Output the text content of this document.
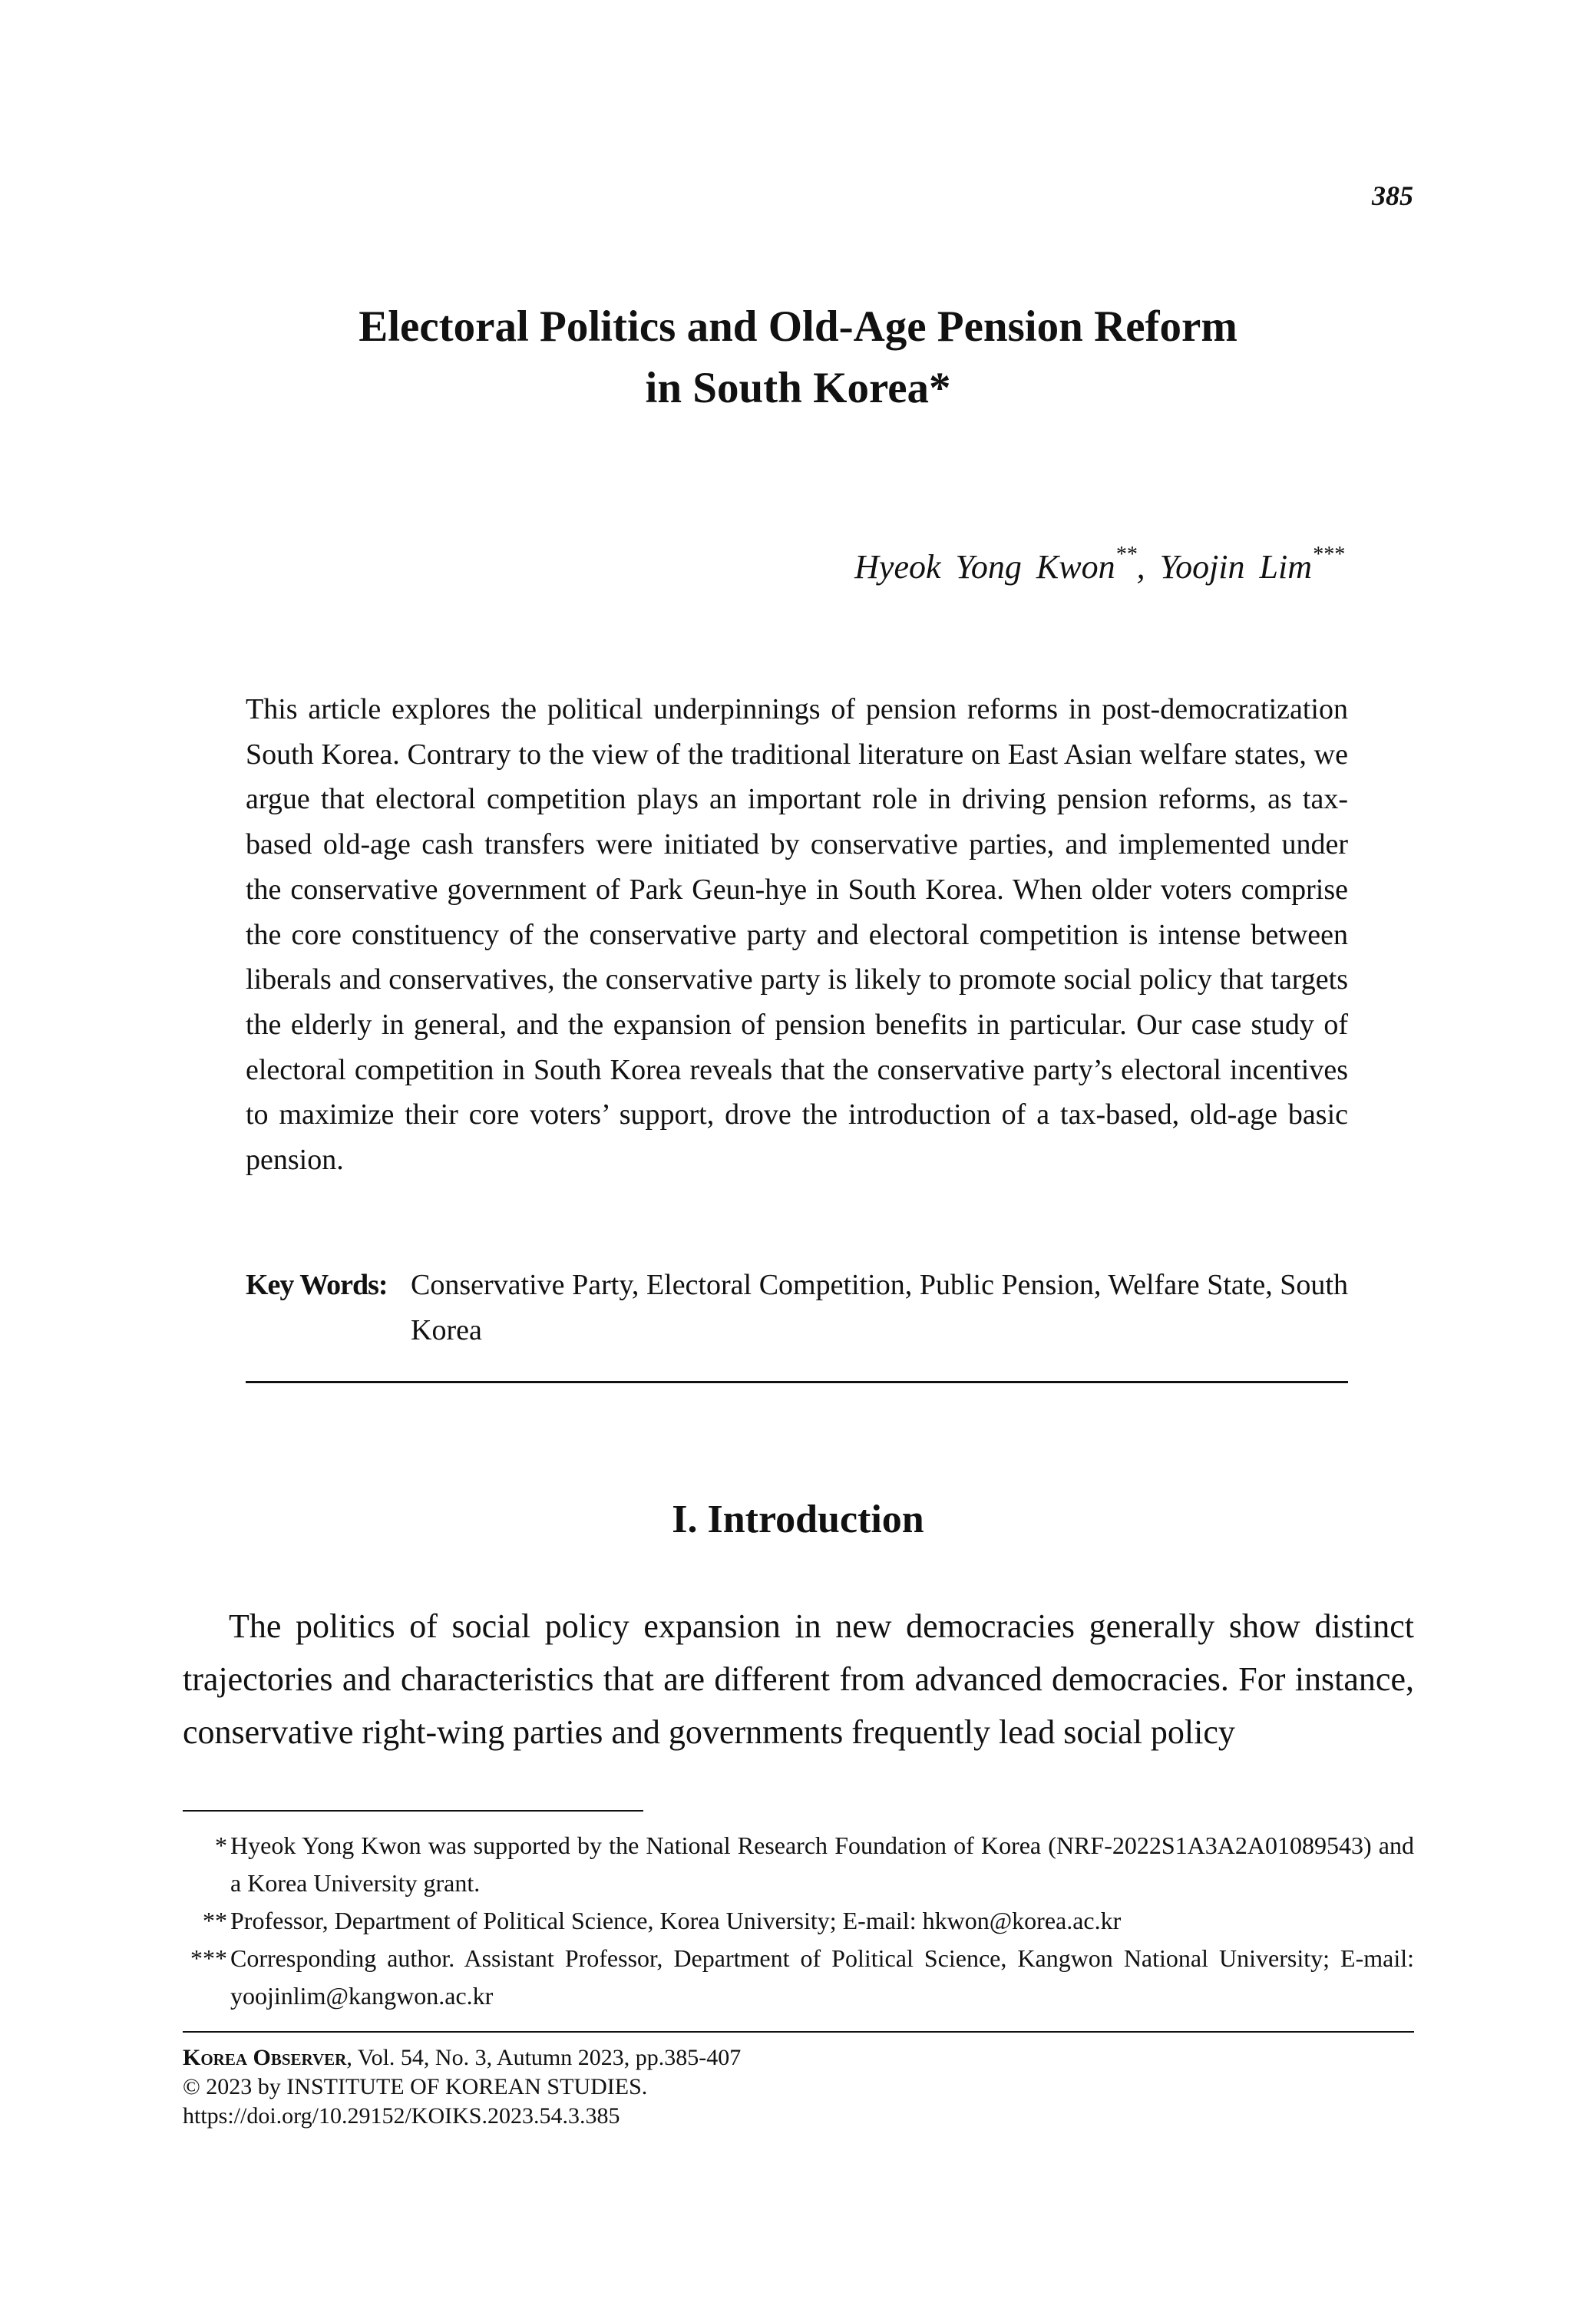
385
Electoral Politics and Old-Age Pension Reform
in South Korea*
Hyeok Yong Kwon**, Yoojin Lim***
This article explores the political underpinnings of pension reforms in post-democratization South Korea. Contrary to the view of the traditional literature on East Asian welfare states, we argue that electoral competition plays an important role in driving pension reforms, as tax-based old-age cash transfers were initiated by conservative parties, and implemented under the conservative government of Park Geun-hye in South Korea. When older voters comprise the core constituency of the conservative party and electoral competition is intense between liberals and conservatives, the conservative party is likely to promote social policy that targets the elderly in general, and the expansion of pension benefits in particular. Our case study of electoral competition in South Korea reveals that the conservative party’s electoral incentives to maximize their core voters’ support, drove the introduction of a tax-based, old-age basic pension.
Key Words: Conservative Party, Electoral Competition, Public Pension, Welfare State, South Korea
I. Introduction

The politics of social policy expansion in new democracies generally show distinct trajectories and characteristics that are different from advanced democracies. For instance, conservative right-wing parties and governments frequently lead social policy

* Hyeok Yong Kwon was supported by the National Research Foundation of Korea (NRF-2022S1A3A2A01089543) and a Korea University grant.
** Professor, Department of Political Science, Korea University; E-mail: hkwon@korea.ac.kr
*** Corresponding author. Assistant Professor, Department of Political Science, Kangwon National University; E-mail: yoojinlim@kangwon.ac.kr
Korea Observer, Vol. 54, No. 3, Autumn 2023, pp.385-407
© 2023 by INSTITUTE OF KOREAN STUDIES.
https://doi.org/10.29152/KOIKS.2023.54.3.385
